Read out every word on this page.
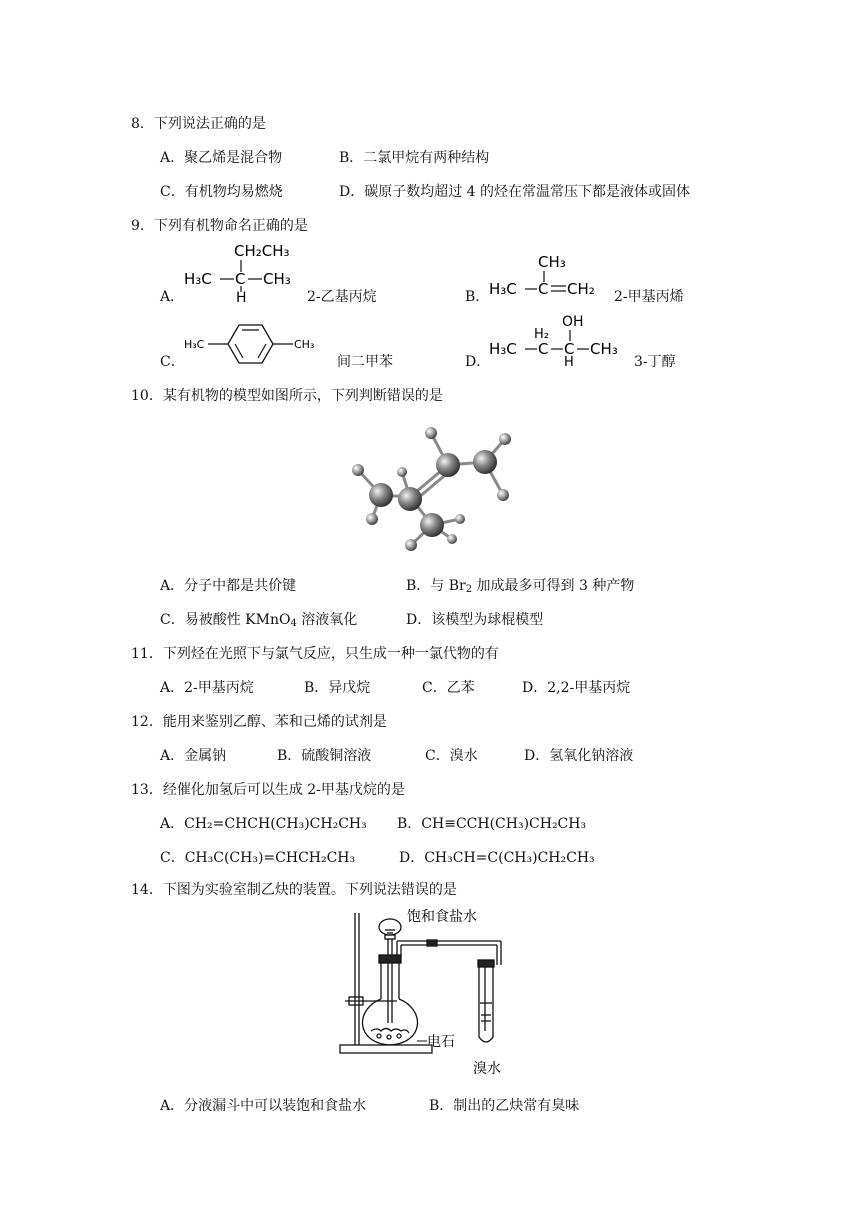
8．下列说法正确的是
A．聚乙烯是混合物	B．二氯甲烷有两种结构
C．有机物均易燃烧	D．碳原子数均超过 4 的烃在常温常压下都是液体或固体
9．下列有机物命名正确的是
A．
CH₂CH₃
H₃C C CH₃
H	2-乙基丙烷	B．
CH₃
H₃C C CH₂ 2-甲基丙烯
C．
H₃C	CH₃
间二甲苯	D．
OH
H₂
H₃C C C CH₃
H	3-丁醇
10．某有机物的模型如图所示，下列判断错误的是
A．分子中都是共价键	B．与 $Br_2$ 加成最多可得到 3 种产物
C．易被酸性 KMnO$_4$ 溶液氧化	D．该模型为球棍模型
11．下列烃在光照下与氯气反应，只生成一种一氯代物的有
A．2-甲基丙烷	B．异戊烷	C．乙苯	D．2,2-甲基丙烷
12．能用来鉴别乙醇、苯和己烯的试剂是
A．金属钠	B．硫酸铜溶液	C．溴水	D．氢氧化钠溶液
13．经催化加氢后可以生成 2-甲基戊烷的是
A．CH₂=CHCH(CH₃)CH₂CH₃ B．CH≡CCH(CH₃)CH₂CH₃
C．CH₃C(CH₃)=CHCH₂CH₃	D．CH₃CH=C(CH₃)CH₂CH₃
14．下图为实验室制乙炔的装置。下列说法错误的是
饱和食盐水
电石
溴水
A．分液漏斗中可以装饱和食盐水	B．制出的乙炔常有臭味
